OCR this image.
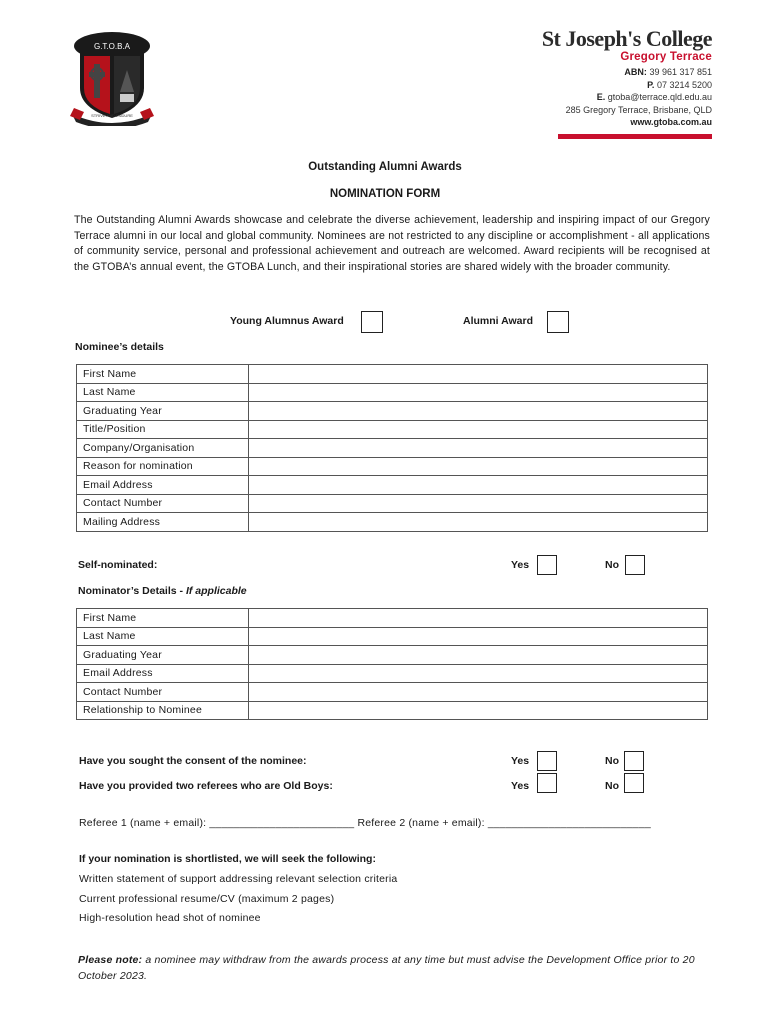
G.T.O.B.A
STRIVE AND ENDURE
St Joseph's College
Gregory Terrace
ABN: 39 961 317 851
P. 07 3214 5200
E. gtoba@terrace.qld.edu.au
285 Gregory Terrace, Brisbane, QLD
www.gtoba.com.au
Outstanding Alumni Awards
NOMINATION FORM
The Outstanding Alumni Awards showcase and celebrate the diverse achievement, leadership and inspiring impact of our Gregory Terrace alumni in our local and global community. Nominees are not restricted to any discipline or accomplishment - all applications of community service, personal and professional achievement and outreach are welcomed. Award recipients will be recognised at the GTOBA’s annual event, the GTOBA Lunch, and their inspirational stories are shared widely with the broader community.
Young Alumnus Award	Alumni Award
Nominee’s details
First Name	
Last Name	
Graduating Year	
Title/Position	
Company/Organisation	
Reason for nomination	
Email Address	
Contact Number	
Mailing Address	
Self-nominated:	Yes	No
Nominator’s Details - If applicable
First Name	
Last Name	
Graduating Year	
Email Address	
Contact Number	
Relationship to Nominee	
Have you sought the consent of the nominee:	Yes	No
Have you provided two referees who are Old Boys:	Yes	No
Referee 1 (name + email): ________________________ Referee 2 (name + email): ___________________________
If your nomination is shortlisted, we will seek the following:
Written statement of support addressing relevant selection criteria
Current professional resume/CV (maximum 2 pages)
High-resolution head shot of nominee
Please note: a nominee may withdraw from the awards process at any time but must advise the Development Office prior to 20 October 2023.
